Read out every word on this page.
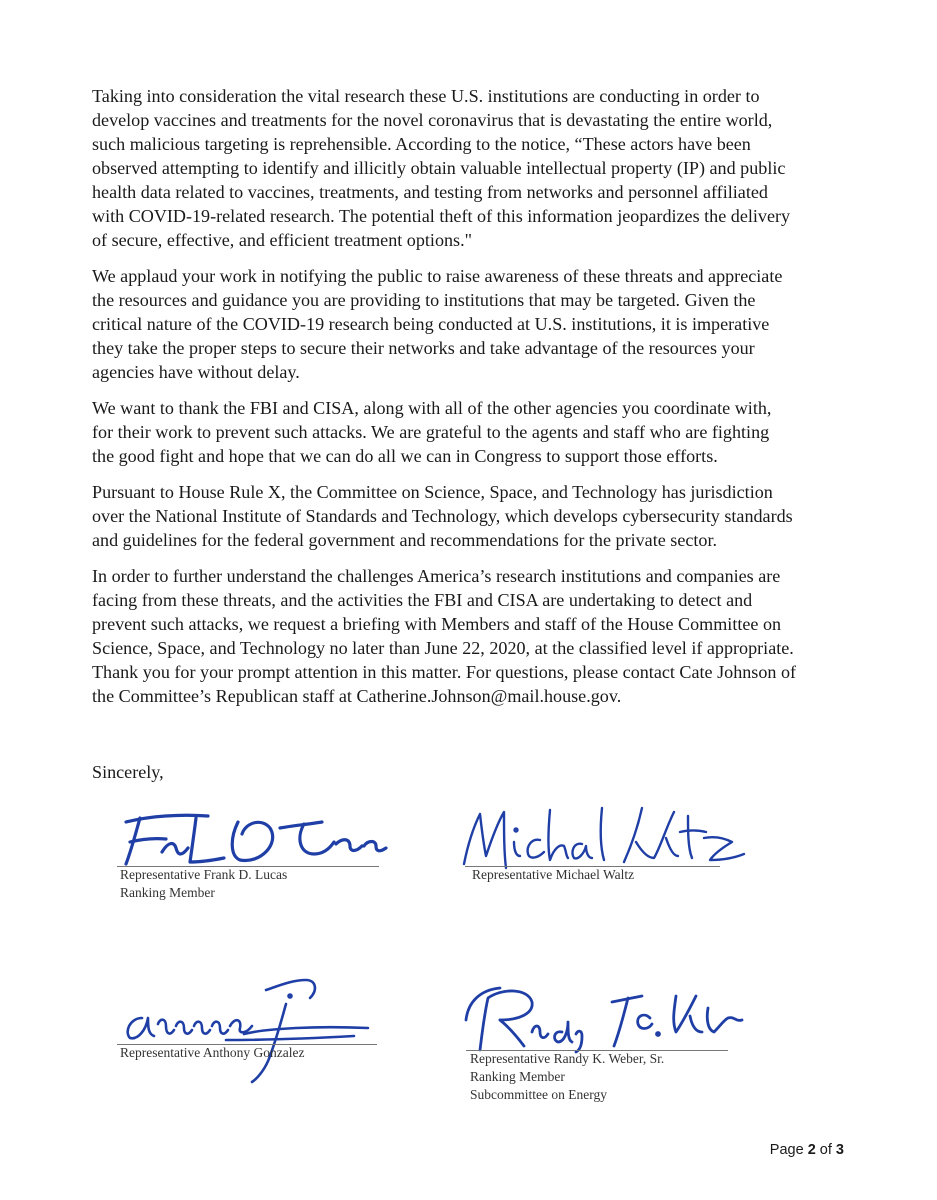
Taking into consideration the vital research these U.S. institutions are conducting in order to
develop vaccines and treatments for the novel coronavirus that is devastating the entire world,
such malicious targeting is reprehensible. According to the notice, “These actors have been
observed attempting to identify and illicitly obtain valuable intellectual property (IP) and public
health data related to vaccines, treatments, and testing from networks and personnel affiliated
with COVID-19-related research. The potential theft of this information jeopardizes the delivery
of secure, effective, and efficient treatment options."

We applaud your work in notifying the public to raise awareness of these threats and appreciate
the resources and guidance you are providing to institutions that may be targeted. Given the
critical nature of the COVID-19 research being conducted at U.S. institutions, it is imperative
they take the proper steps to secure their networks and take advantage of the resources your
agencies have without delay.

We want to thank the FBI and CISA, along with all of the other agencies you coordinate with,
for their work to prevent such attacks. We are grateful to the agents and staff who are fighting
the good fight and hope that we can do all we can in Congress to support those efforts.

Pursuant to House Rule X, the Committee on Science, Space, and Technology has jurisdiction
over the National Institute of Standards and Technology, which develops cybersecurity standards
and guidelines for the federal government and recommendations for the private sector.

In order to further understand the challenges America’s research institutions and companies are
facing from these threats, and the activities the FBI and CISA are undertaking to detect and
prevent such attacks, we request a briefing with Members and staff of the House Committee on
Science, Space, and Technology no later than June 22, 2020, at the classified level if appropriate.
Thank you for your prompt attention in this matter. For questions, please contact Cate Johnson of
the Committee’s Republican staff at Catherine.Johnson@mail.house.gov.

Sincerely,
Representative Frank D. Lucas
Ranking Member
Representative Michael Waltz
Representative Anthony Gonzalez	Representative Randy K. Weber, Sr.
Ranking Member
Subcommittee on Energy
Page 2 of 3
